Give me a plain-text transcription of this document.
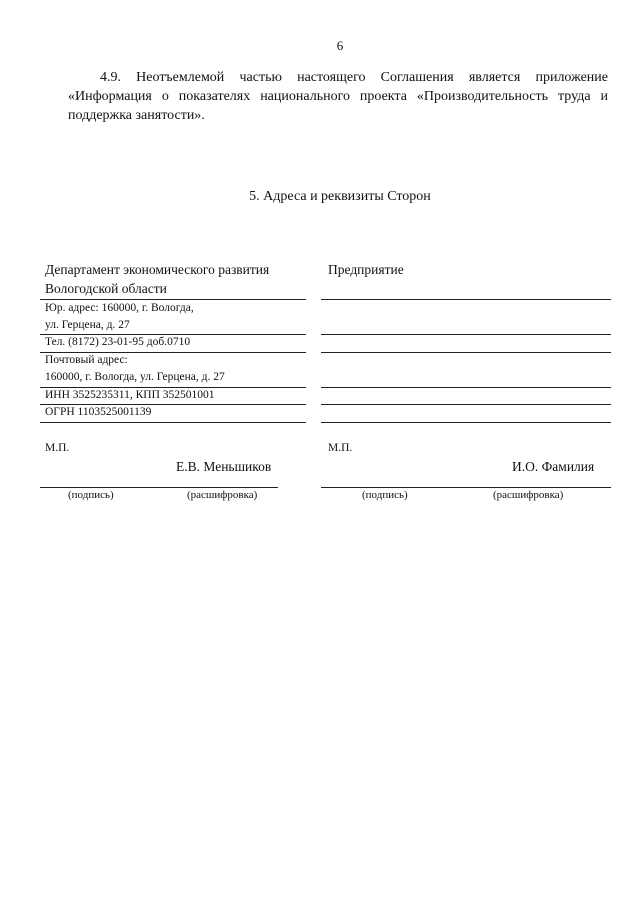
6
4.9. Неотъемлемой частью настоящего Соглашения является приложение
«Информация о показателях национального проекта «Производительность труда и
поддержка занятости».
5. Адреса и реквизиты Сторон
Департамент экономического развития
Вологодской области
Юр. адрес: 160000, г. Вологда,
ул. Герцена, д. 27
Тел. (8172) 23-01-95 доб.0710
Почтовый адрес:
160000, г. Вологда, ул. Герцена, д. 27
ИНН 3525235311, КПП 352501001
ОГРН 1103525001139
М.П.
Е.В. Меньшиков
(подпись)	(расшифровка)
Предприятие
М.П.
И.О. Фамилия
(подпись)	(расшифровка)
